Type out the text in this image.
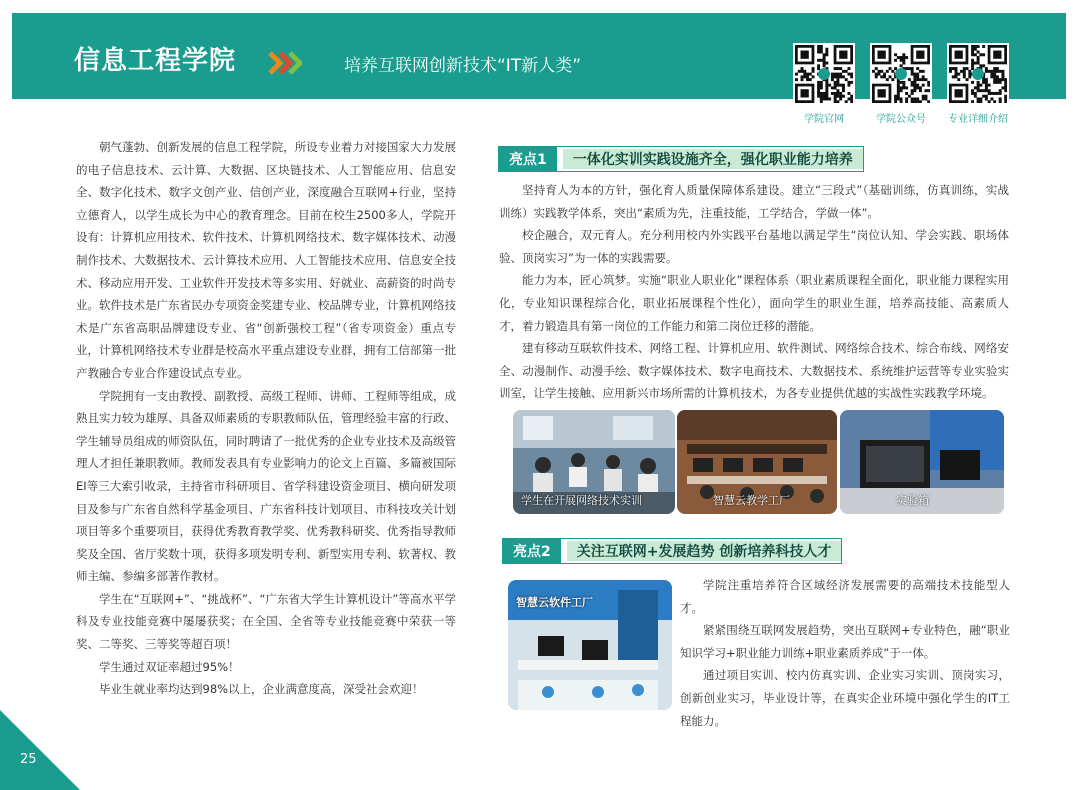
信息工程学院	培养互联网创新技术“IT新人类”
学院官网	学院公众号	专业详细介绍

朝气蓬勃、创新发展的信息工程学院，所设专业着力对接国家大力发展的电子信息技术、云计算、大数据、区块链技术、人工智能应用、信息安全、数字化技术、数字文创产业、信创产业，深度融合互联网+行业，坚持立德育人，以学生成长为中心的教育理念。目前在校生2500多人，学院开设有：计算机应用技术、软件技术、计算机网络技术、数字媒体技术、动漫制作技术、大数据技术、云计算技术应用、人工智能技术应用、信息安全技术、移动应用开发、工业软件开发技术等多实用、好就业、高薪资的时尚专业。软件技术是广东省民办专项资金奖建专业、校品牌专业，计算机网络技术是广东省高职品牌建设专业、省“创新强校工程”（省专项资金）重点专业，计算机网络技术专业群是校高水平重点建设专业群，拥有工信部第一批产教融合专业合作建设试点专业。

学院拥有一支由教授、副教授、高级工程师、讲师、工程师等组成，成熟且实力较为雄厚、具备双师素质的专职教师队伍，管理经验丰富的行政、学生辅导员组成的师资队伍，同时聘请了一批优秀的企业专业技术及高级管理人才担任兼职教师。教师发表具有专业影响力的论文上百篇、多篇被国际EI等三大索引收录，主持省市科研项目、省学科建设资金项目、横向研发项目及参与广东省自然科学基金项目、广东省科技计划项目、市科技攻关计划项目等多个重要项目，获得优秀教育教学奖、优秀教科研奖、优秀指导教师奖及全国、省厅奖数十项，获得多项发明专利、新型实用专利、软著权、教师主编、参编多部著作教材。

学生在“互联网+”、“挑战杯”、“广东省大学生计算机设计”等高水平学科及专业技能竞赛中屡屡获奖；在全国、全省等专业技能竞赛中荣获一等奖、二等奖、三等奖等超百项！

学生通过双证率超过95%！

毕业生就业率均达到98%以上，企业满意度高，深受社会欢迎！

亮点1	一体化实训实践设施齐全，强化职业能力培养

坚持育人为本的方针，强化育人质量保障体系建设。建立“三段式”（基础训练，仿真训练，实战训练）实践教学体系，突出“素质为先，注重技能，工学结合，学做一体”。

校企融合，双元育人。充分利用校内外实践平台基地以满足学生“岗位认知、学会实践、职场体验、顶岗实习”为一体的实践需要。

能力为本，匠心筑梦。实施“职业人职业化”课程体系（职业素质课程全面化，职业能力课程实用化，专业知识课程综合化，职业拓展课程个性化），面向学生的职业生涯，培养高技能、高素质人才，着力锻造具有第一岗位的工作能力和第二岗位迁移的潜能。

建有移动互联软件技术、网络工程、计算机应用、软件测试、网络综合技术、综合布线、网络安全、动漫制作、动漫手绘、数字媒体技术、数字电商技术、大数据技术、系统维护运营等专业实验实训室，让学生接触、应用新兴市场所需的计算机技术，为各专业提供优越的实战性实践教学环境。

学生在开展网络技术实训	智慧云教学工厂	实验箱
亮点2	关注互联网+发展趋势 创新培养科技人才
智慧云软件工厂

学院注重培养符合区域经济发展需要的高端技术技能型人才。

紧紧围绕互联网发展趋势，突出互联网+专业特色，融“职业知识学习+职业能力训练+职业素质养成”于一体。

通过项目实训、校内仿真实训、企业实习实训、顶岗实习，创新创业实习，毕业设计等，在真实企业环境中强化学生的IT工程能力。

25
